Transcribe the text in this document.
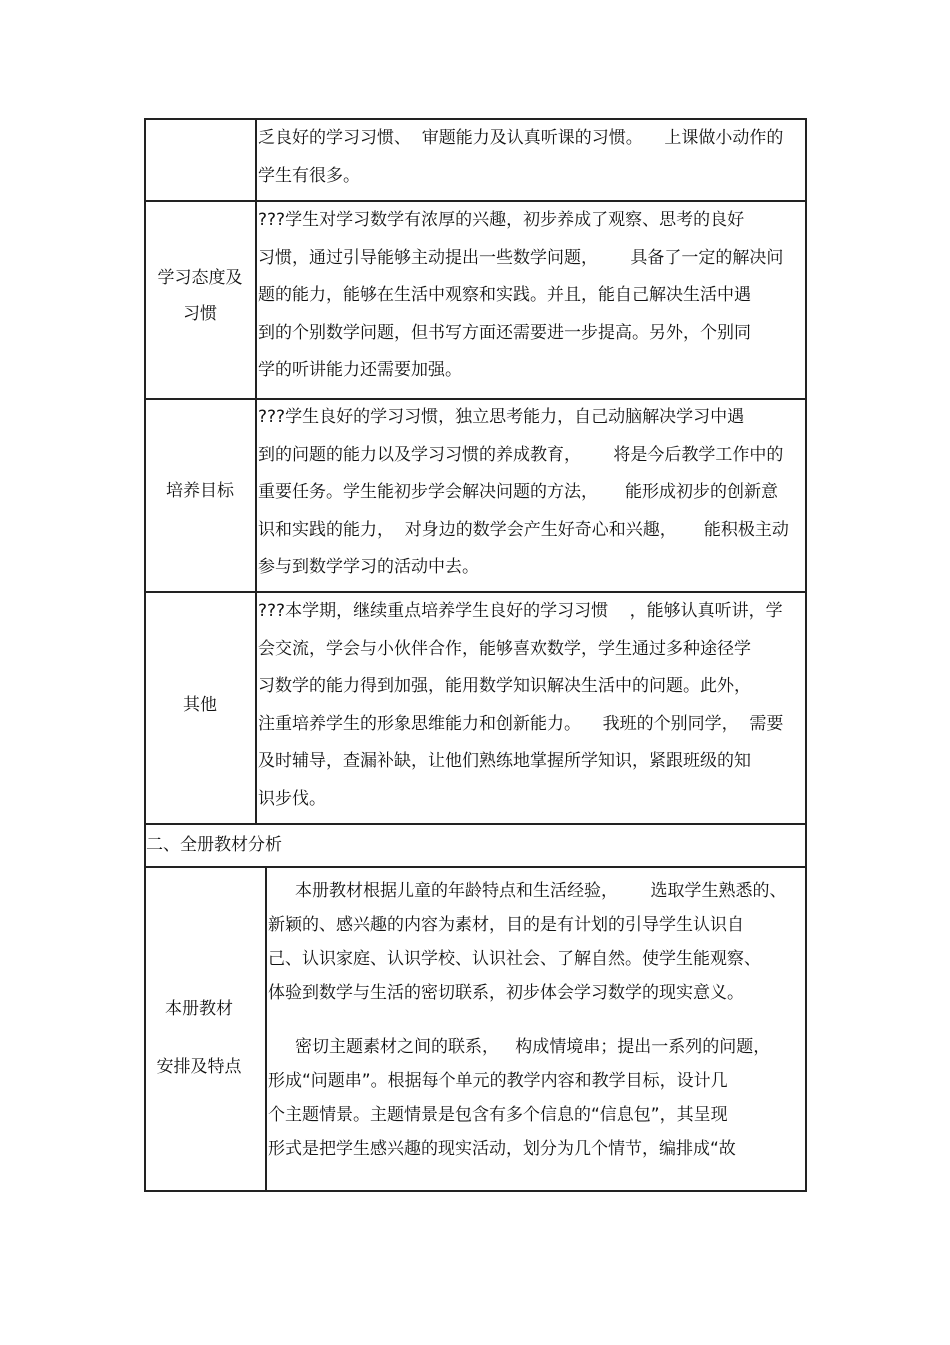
乏良好的学习习惯、  审题能力及认真听课的习惯。    上课做小动作的
学生有很多。
学习态度及
习惯
???学生对学习数学有浓厚的兴趣，初步养成了观察、思考的良好
习惯，通过引导能够主动提出一些数学问题，      具备了一定的解决问
题的能力，能够在生活中观察和实践。并且，能自己解决生活中遇
到的个别数学问题，但书写方面还需要进一步提高。另外，个别同
学的听讲能力还需要加强。
培养目标
???学生良好的学习习惯，独立思考能力，自己动脑解决学习中遇
到的问题的能力以及学习习惯的养成教育，      将是今后教学工作中的
重要任务。学生能初步学会解决问题的方法，     能形成初步的创新意
识和实践的能力，  对身边的数学会产生好奇心和兴趣，     能积极主动
参与到数学学习的活动中去。
其他
???本学期，继续重点培养学生良好的学习习惯    ，能够认真听讲，学
会交流，学会与小伙伴合作，能够喜欢数学，学生通过多种途径学
习数学的能力得到加强，能用数学知识解决生活中的问题。此外，
注重培养学生的形象思维能力和创新能力。    我班的个别同学，  需要
及时辅导，查漏补缺，让他们熟练地掌握所学知识，紧跟班级的知
识步伐。
二、全册教材分析
本册教材
安排及特点
本册教材根据儿童的年龄特点和生活经验，      选取学生熟悉的、
新颖的、感兴趣的内容为素材，目的是有计划的引导学生认识自
己、认识家庭、认识学校、认识社会、了解自然。使学生能观察、
体验到数学与生活的密切联系，初步体会学习数学的现实意义。
密切主题素材之间的联系，   构成情境串；提出一系列的问题，
形成“问题串”。根据每个单元的教学内容和教学目标，设计几
个主题情景。主题情景是包含有多个信息的“信息包”，其呈现
形式是把学生感兴趣的现实活动，划分为几个情节，编排成“故
